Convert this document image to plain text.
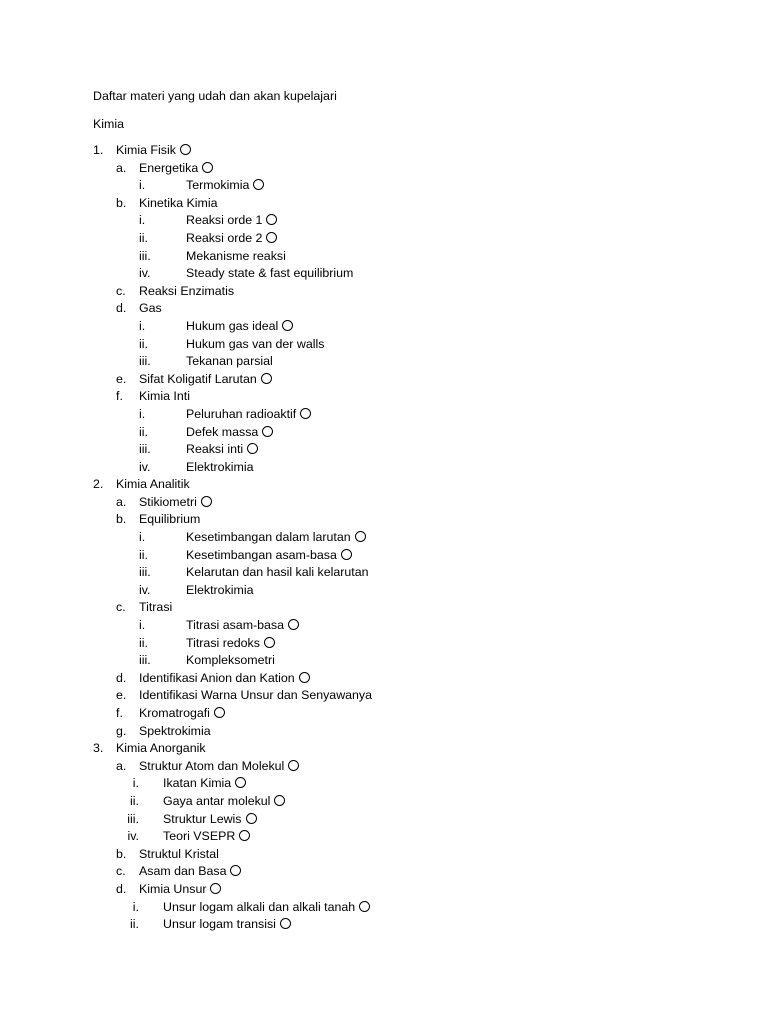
Daftar materi yang udah dan akan kupelajari
Kimia
1. Kimia Fisik
a. Energetika
i.	Termokimia
b. Kinetika Kimia
i.	Reaksi orde 1
ii.	Reaksi orde 2
iii.	Mekanisme reaksi
iv.	Steady state & fast equilibrium
c. Reaksi Enzimatis
d. Gas
i.	Hukum gas ideal
ii.	Hukum gas van der walls
iii.	Tekanan parsial
e. Sifat Koligatif Larutan
f. Kimia Inti
i.	Peluruhan radioaktif
ii.	Defek massa
iii.	Reaksi inti
iv.	Elektrokimia
2. Kimia Analitik
a. Stikiometri
b. Equilibrium
i.	Kesetimbangan dalam larutan
ii.	Kesetimbangan asam-basa
iii.	Kelarutan dan hasil kali kelarutan
iv.	Elektrokimia
c. Titrasi
i.	Titrasi asam-basa
ii.	Titrasi redoks
iii.	Kompleksometri
d. Identifikasi Anion dan Kation
e. Identifikasi Warna Unsur dan Senyawanya
f. Kromatrogafi
g. Spektrokimia
3. Kimia Anorganik
a. Struktur Atom dan Molekul
i. Ikatan Kimia
ii. Gaya antar molekul
iii. Struktur Lewis
iv. Teori VSEPR
b. Struktul Kristal
c. Asam dan Basa
d. Kimia Unsur
i. Unsur logam alkali dan alkali tanah
ii. Unsur logam transisi
